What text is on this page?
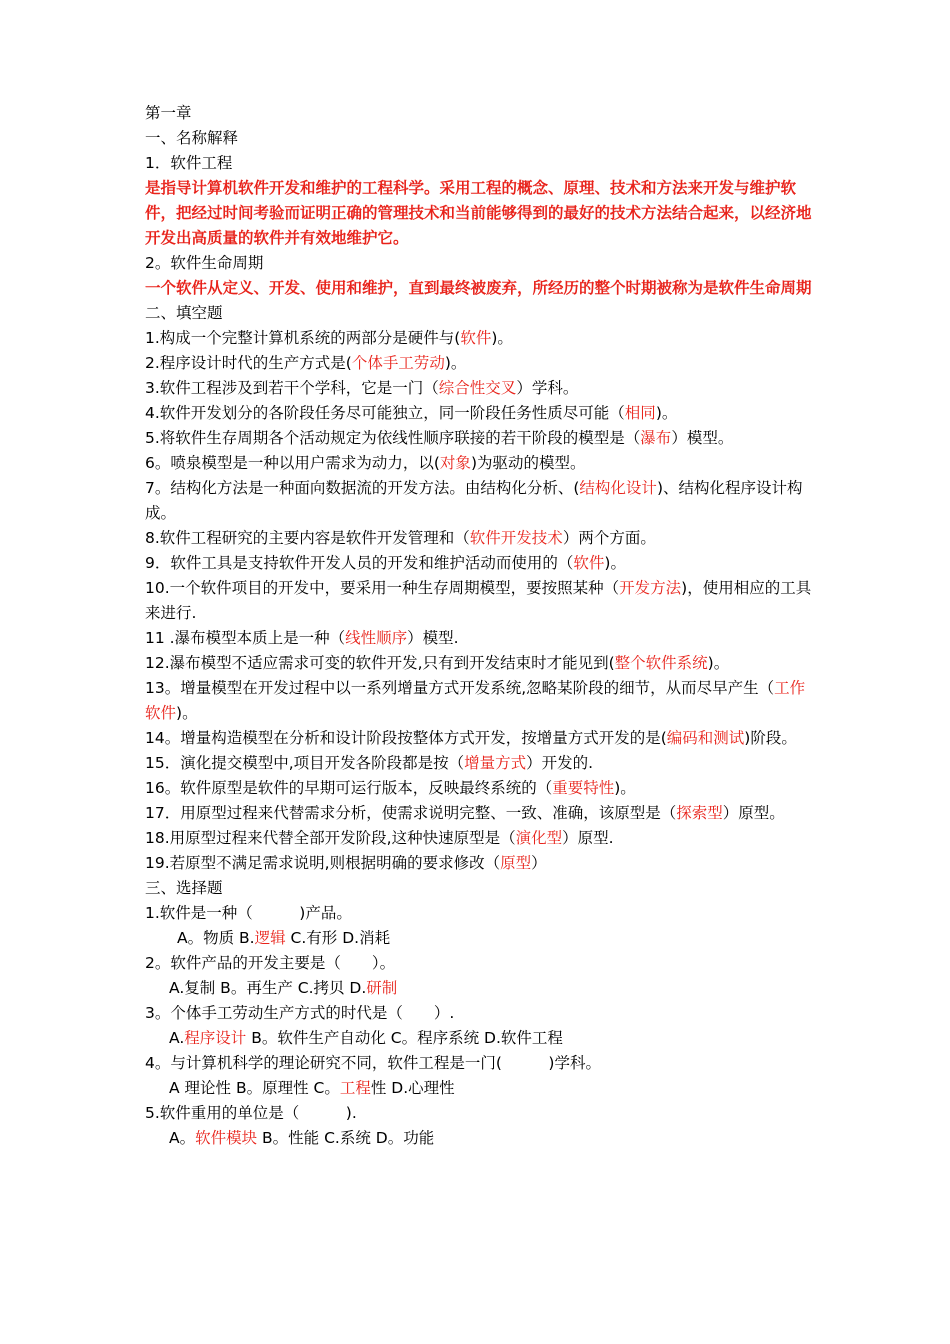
第一章
一、名称解释
1．软件工程
是指导计算机软件开发和维护的工程科学。采用工程的概念、原理、技术和方法来开发与维护软件，把经过时间考验而证明正确的管理技术和当前能够得到的最好的技术方法结合起来，以经济地开发出高质量的软件并有效地维护它。
2。软件生命周期
一个软件从定义、开发、使用和维护，直到最终被废弃，所经历的整个时期被称为是软件生命周期
二、填空题
1.构成一个完整计算机系统的两部分是硬件与(软件)。
2.程序设计时代的生产方式是(个体手工劳动)。
3.软件工程涉及到若干个学科，它是一门（综合性交叉）学科。
4.软件开发划分的各阶段任务尽可能独立，同一阶段任务性质尽可能（相同)。
5.将软件生存周期各个活动规定为依线性顺序联接的若干阶段的模型是（瀑布）模型。
6。喷泉模型是一种以用户需求为动力，以(对象)为驱动的模型。
7。结构化方法是一种面向数据流的开发方法。由结构化分析、(结构化设计)、结构化程序设计构成。
8.软件工程研究的主要内容是软件开发管理和（软件开发技术）两个方面。
9．软件工具是支持软件开发人员的开发和维护活动而使用的（软件)。
10.一个软件项目的开发中，要采用一种生存周期模型，要按照某种（开发方法)，使用相应的工具来进行.
11 .瀑布模型本质上是一种（线性顺序）模型.
12.瀑布模型不适应需求可变的软件开发,只有到开发结束时才能见到(整个软件系统)。
13。增量模型在开发过程中以一系列增量方式开发系统,忽略某阶段的细节，从而尽早产生（工作软件)。
14。增量构造模型在分析和设计阶段按整体方式开发，按增量方式开发的是(编码和测试)阶段。
15．演化提交模型中,项目开发各阶段都是按（增量方式）开发的.
16。软件原型是软件的早期可运行版本，反映最终系统的（重要特性)。
17．用原型过程来代替需求分析，使需求说明完整、一致、准确，该原型是（探索型）原型。
18.用原型过程来代替全部开发阶段,这种快速原型是（演化型）原型.
19.若原型不满足需求说明,则根据明确的要求修改（原型）
三、选择题
1.软件是一种（　　　)产品。
A。物质 B.逻辑 C.有形 D.消耗
2。软件产品的开发主要是（　　）。
A.复制 B。再生产 C.拷贝 D.研制
3。个体手工劳动生产方式的时代是（　　）.
A.程序设计 B。软件生产自动化 C。程序系统 D.软件工程
4。与计算机科学的理论研究不同，软件工程是一门(　　　)学科。
A 理论性 B。原理性 C。工程性 D.心理性
5.软件重用的单位是（　　　).
A。软件模块 B。性能 C.系统 D。功能
